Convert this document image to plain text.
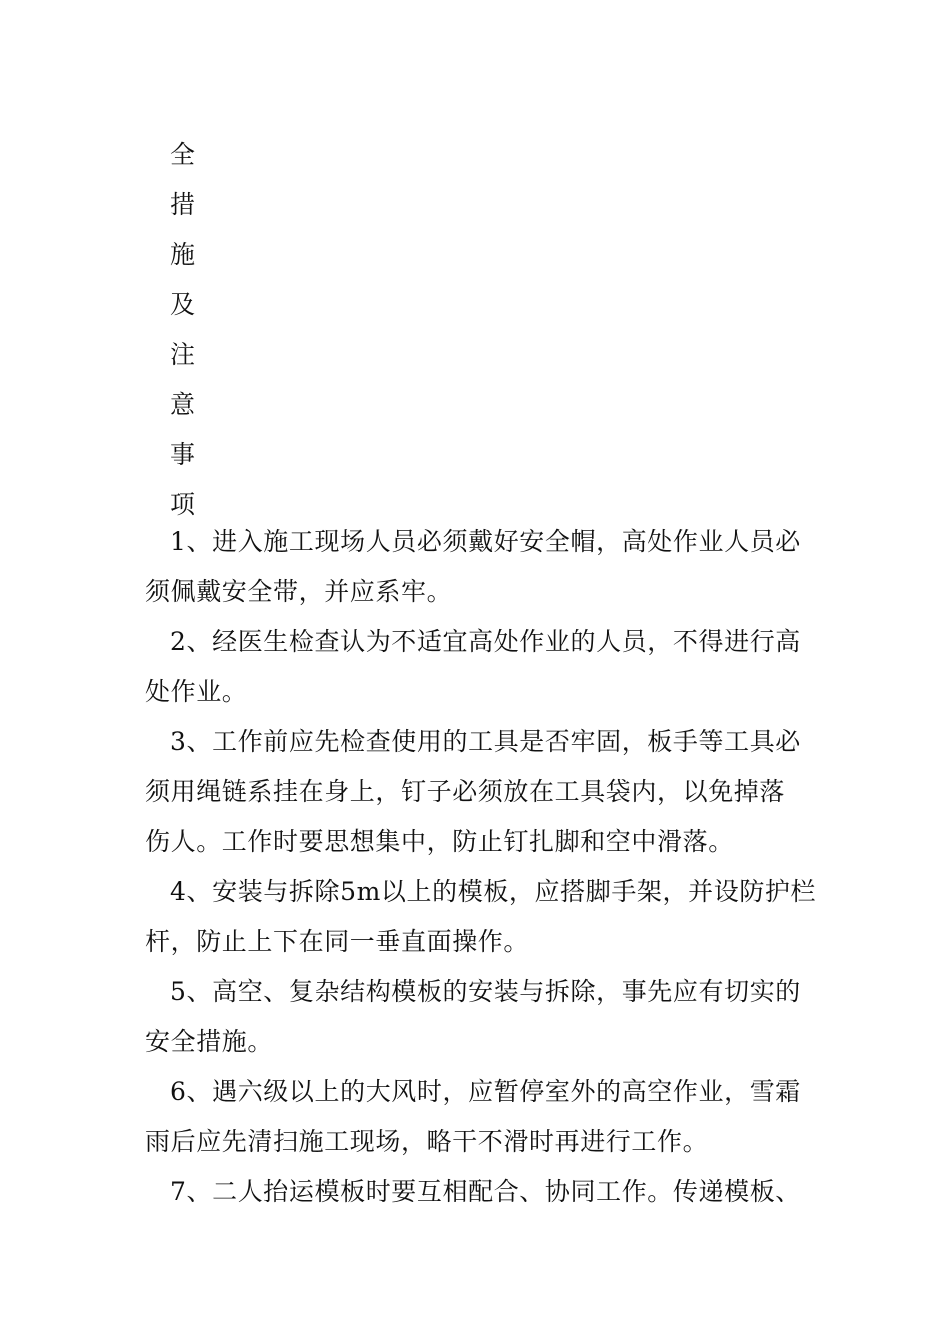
全
措
施
及
注
意
事
项

1、进入施工现场人员必须戴好安全帽，高处作业人员必
须佩戴安全带，并应系牢。

2、经医生检查认为不适宜高处作业的人员，不得进行高
处作业。

3、工作前应先检查使用的工具是否牢固，板手等工具必
须用绳链系挂在身上，钉子必须放在工具袋内，以免掉落
伤人。工作时要思想集中，防止钉扎脚和空中滑落。

4、安装与拆除5m以上的模板，应搭脚手架，并设防护栏
杆，防止上下在同一垂直面操作。

5、高空、复杂结构模板的安装与拆除，事先应有切实的
安全措施。

6、遇六级以上的大风时，应暂停室外的高空作业，雪霜
雨后应先清扫施工现场，略干不滑时再进行工作。

7、二人抬运模板时要互相配合、协同工作。传递模板、
